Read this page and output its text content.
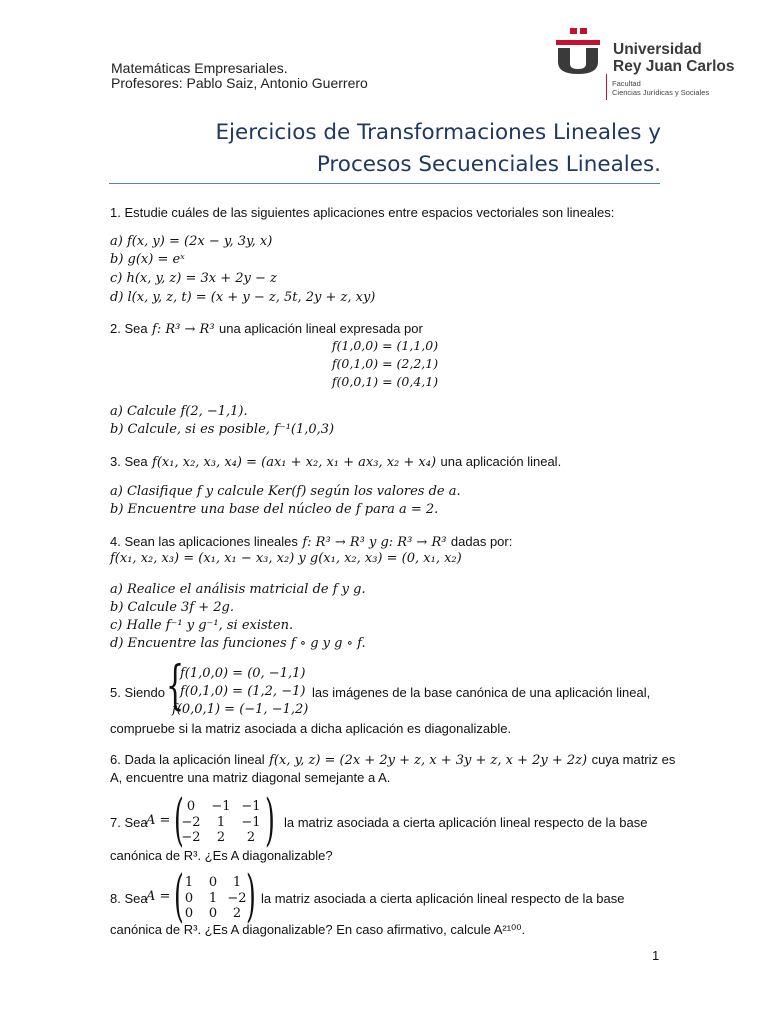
Matemáticas Empresariales.
Profesores: Pablo Saiz, Antonio Guerrero
Universidad
Rey Juan Carlos
Facultad
Ciencias Jurídicas y Sociales
Ejercicios de Transformaciones Lineales y
Procesos Secuenciales Lineales.
1. Estudie cuáles de las siguientes aplicaciones entre espacios vectoriales son lineales:
a) f(x, y) = (2x − y, 3y, x)
b) g(x) = eˣ
c) h(x, y, z) = 3x + 2y − z
d) l(x, y, z, t) = (x + y − z, 5t, 2y + z, xy)
2. Sea f: R³ → R³ una aplicación lineal expresada por
f(1,0,0) = (1,1,0)
f(0,1,0) = (2,2,1)
f(0,0,1) = (0,4,1)
a) Calcule f(2, −1,1).
b) Calcule, si es posible, f⁻¹(1,0,3)
3. Sea f(x₁, x₂, x₃, x₄) = (ax₁ + x₂, x₁ + ax₃, x₂ + x₄) una aplicación lineal.
a) Clasifique f y calcule Ker(f) según los valores de a.
b) Encuentre una base del núcleo de f para a = 2.
4. Sean las aplicaciones lineales f: R³ → R³ y g: R³ → R³ dadas por:
f(x₁, x₂, x₃) = (x₁, x₁ − x₃, x₂) y g(x₁, x₂, x₃) = (0, x₁, x₂)
a) Realice el análisis matricial de f y g.
b) Calcule 3f + 2g.
c) Halle f⁻¹ y g⁻¹, si existen.
d) Encuentre las funciones f ∘ g y g ∘ f.
5. Siendo {
f(1,0,0) = (0, −1,1)
f(0,1,0) = (1,2, −1)
f(0,0,1) = (−1, −1,2)
las imágenes de la base canónica de una aplicación lineal,
compruebe si la matriz asociada a dicha aplicación es diagonalizable.
6. Dada la aplicación lineal f(x, y, z) = (2x + 2y + z, x + 3y + z, x + 2y + 2z) cuya matriz es
A, encuentre una matriz diagonal semejante a A.
7. Sea
A = ( )
0	−1 −1
−2	1	−1
−2	2	2
la matriz asociada a cierta aplicación lineal respecto de la base
canónica de R³. ¿Es A diagonalizable?
8. Sea
A = ( )
1	0	1
0	1 −2
0	0	2
la matriz asociada a cierta aplicación lineal respecto de la base
canónica de R³. ¿Es A diagonalizable? En caso afirmativo, calcule A²¹⁰⁰.
1
